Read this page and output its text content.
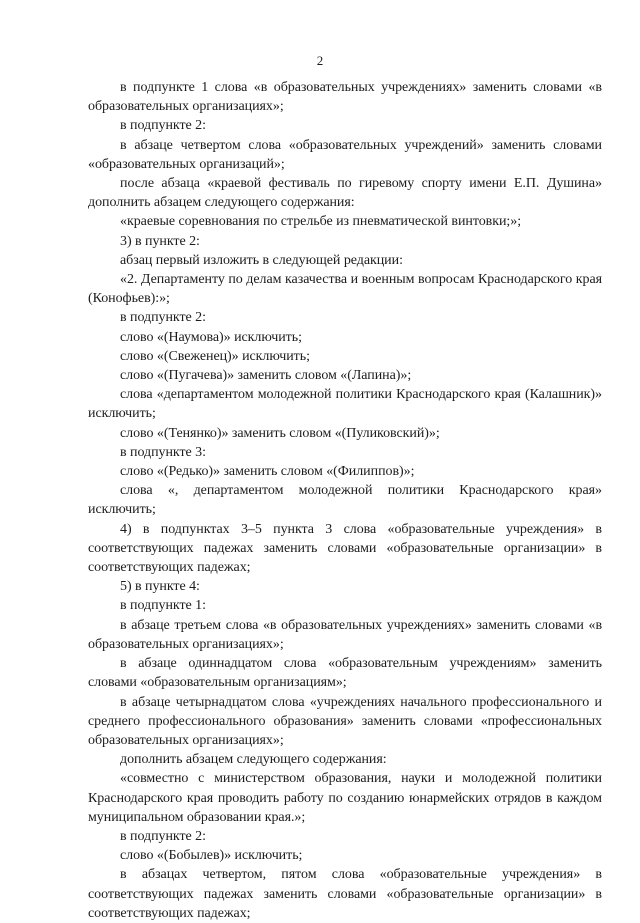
2

в подпункте 1 слова «в образовательных учреждениях» заменить словами «в образовательных организациях»;

в подпункте 2:

в абзаце четвертом слова «образовательных учреждений» заменить словами «образовательных организаций»;

после абзаца «краевой фестиваль по гиревому спорту имени Е.П. Душина» дополнить абзацем следующего содержания:

«краевые соревнования по стрельбе из пневматической винтовки;»;

3) в пункте 2:

абзац первый изложить в следующей редакции:

«2. Департаменту по делам казачества и военным вопросам Краснодарского края (Конофьев):»;

в подпункте 2:

слово «(Наумова)» исключить;

слово «(Свеженец)» исключить;

слово «(Пугачева)» заменить словом «(Лапина)»;

слова «департаментом молодежной политики Краснодарского края (Калашник)» исключить;

слово «(Тенянко)» заменить словом «(Пуликовский)»;

в подпункте 3:

слово «(Редько)» заменить словом «(Филиппов)»;

слова «, департаментом молодежной политики Краснодарского края» исключить;

4) в подпунктах 3–5 пункта 3 слова «образовательные учреждения» в соответствующих падежах заменить словами «образовательные организации» в соответствующих падежах;

5) в пункте 4:

в подпункте 1:

в абзаце третьем слова «в образовательных учреждениях» заменить словами «в образовательных организациях»;

в абзаце одиннадцатом слова «образовательным учреждениям» заменить словами «образовательным организациям»;

в абзаце четырнадцатом слова «учреждениях начального профессионального и среднего профессионального образования» заменить словами «профессиональных образовательных организациях»;

дополнить абзацем следующего содержания:

«совместно с министерством образования, науки и молодежной политики Краснодарского края проводить работу по созданию юнармейских отрядов в каждом муниципальном образовании края.»;

в подпункте 2:

слово «(Бобылев)» исключить;

в абзацах четвертом, пятом слова «образовательные учреждения» в соответствующих падежах заменить словами «образовательные организации» в соответствующих падежах;
